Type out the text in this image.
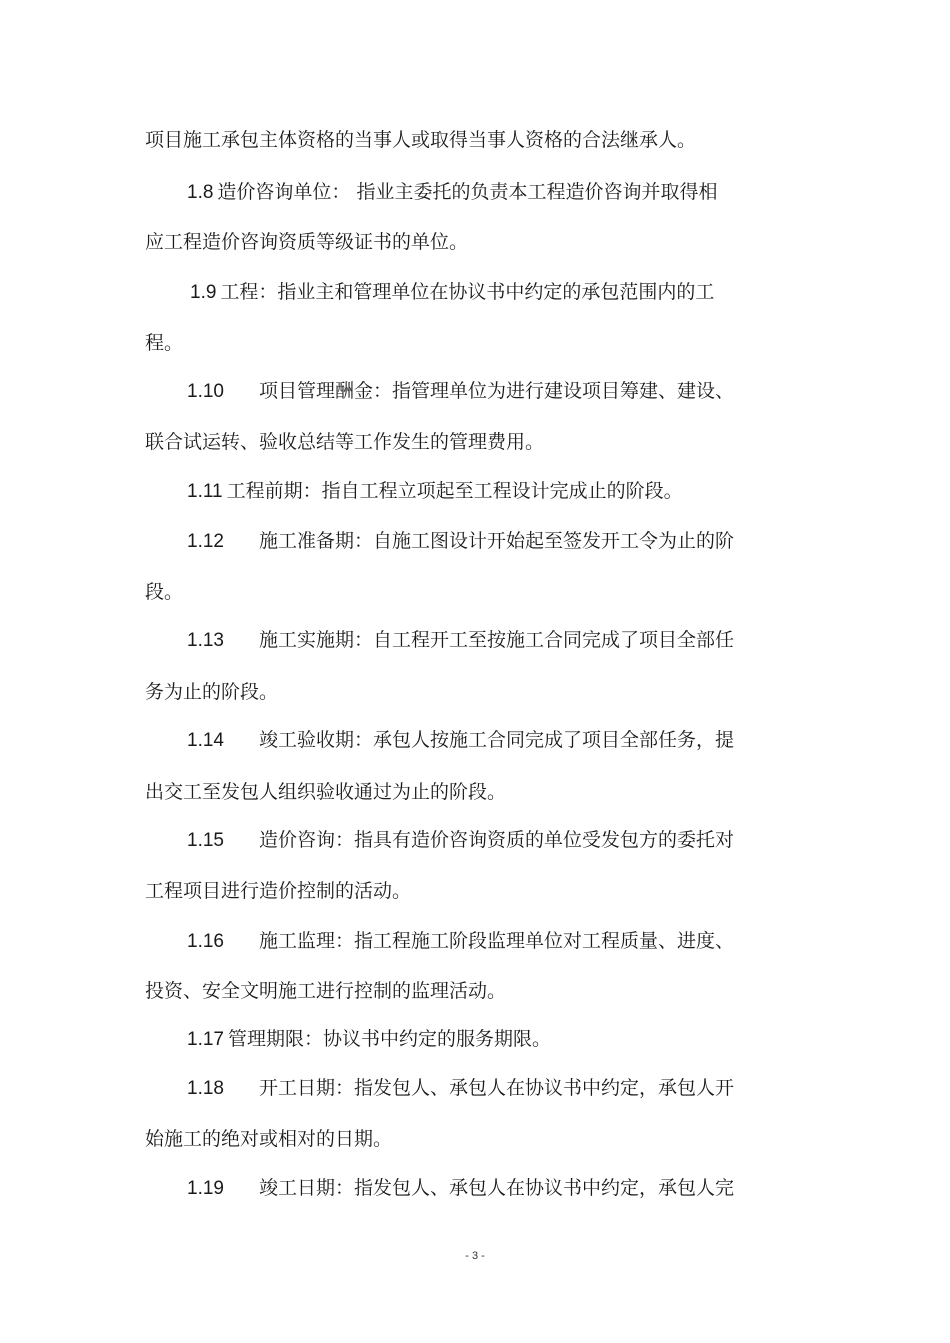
项目施工承包主体资格的当事人或取得当事人资格的合法继承人。
1.8 造价咨询单位： 指业主委托的负责本工程造价咨询并取得相
应工程造价咨询资质等级证书的单位。
1.9 工程：指业主和管理单位在协议书中约定的承包范围内的工
程。
1.10 项目管理酬金：指管理单位为进行建设项目筹建、建设、
联合试运转、验收总结等工作发生的管理费用。
1.11 工程前期：指自工程立项起至工程设计完成止的阶段。
1.12 施工准备期：自施工图设计开始起至签发开工令为止的阶
段。
1.13 施工实施期：自工程开工至按施工合同完成了项目全部任
务为止的阶段。
1.14 竣工验收期：承包人按施工合同完成了项目全部任务，提
出交工至发包人组织验收通过为止的阶段。
1.15 造价咨询：指具有造价咨询资质的单位受发包方的委托对
工程项目进行造价控制的活动。
1.16 施工监理：指工程施工阶段监理单位对工程质量、进度、
投资、安全文明施工进行控制的监理活动。
1.17 管理期限：协议书中约定的服务期限。
1.18 开工日期：指发包人、承包人在协议书中约定，承包人开
始施工的绝对或相对的日期。
1.19 竣工日期：指发包人、承包人在协议书中约定，承包人完
- 3 -
